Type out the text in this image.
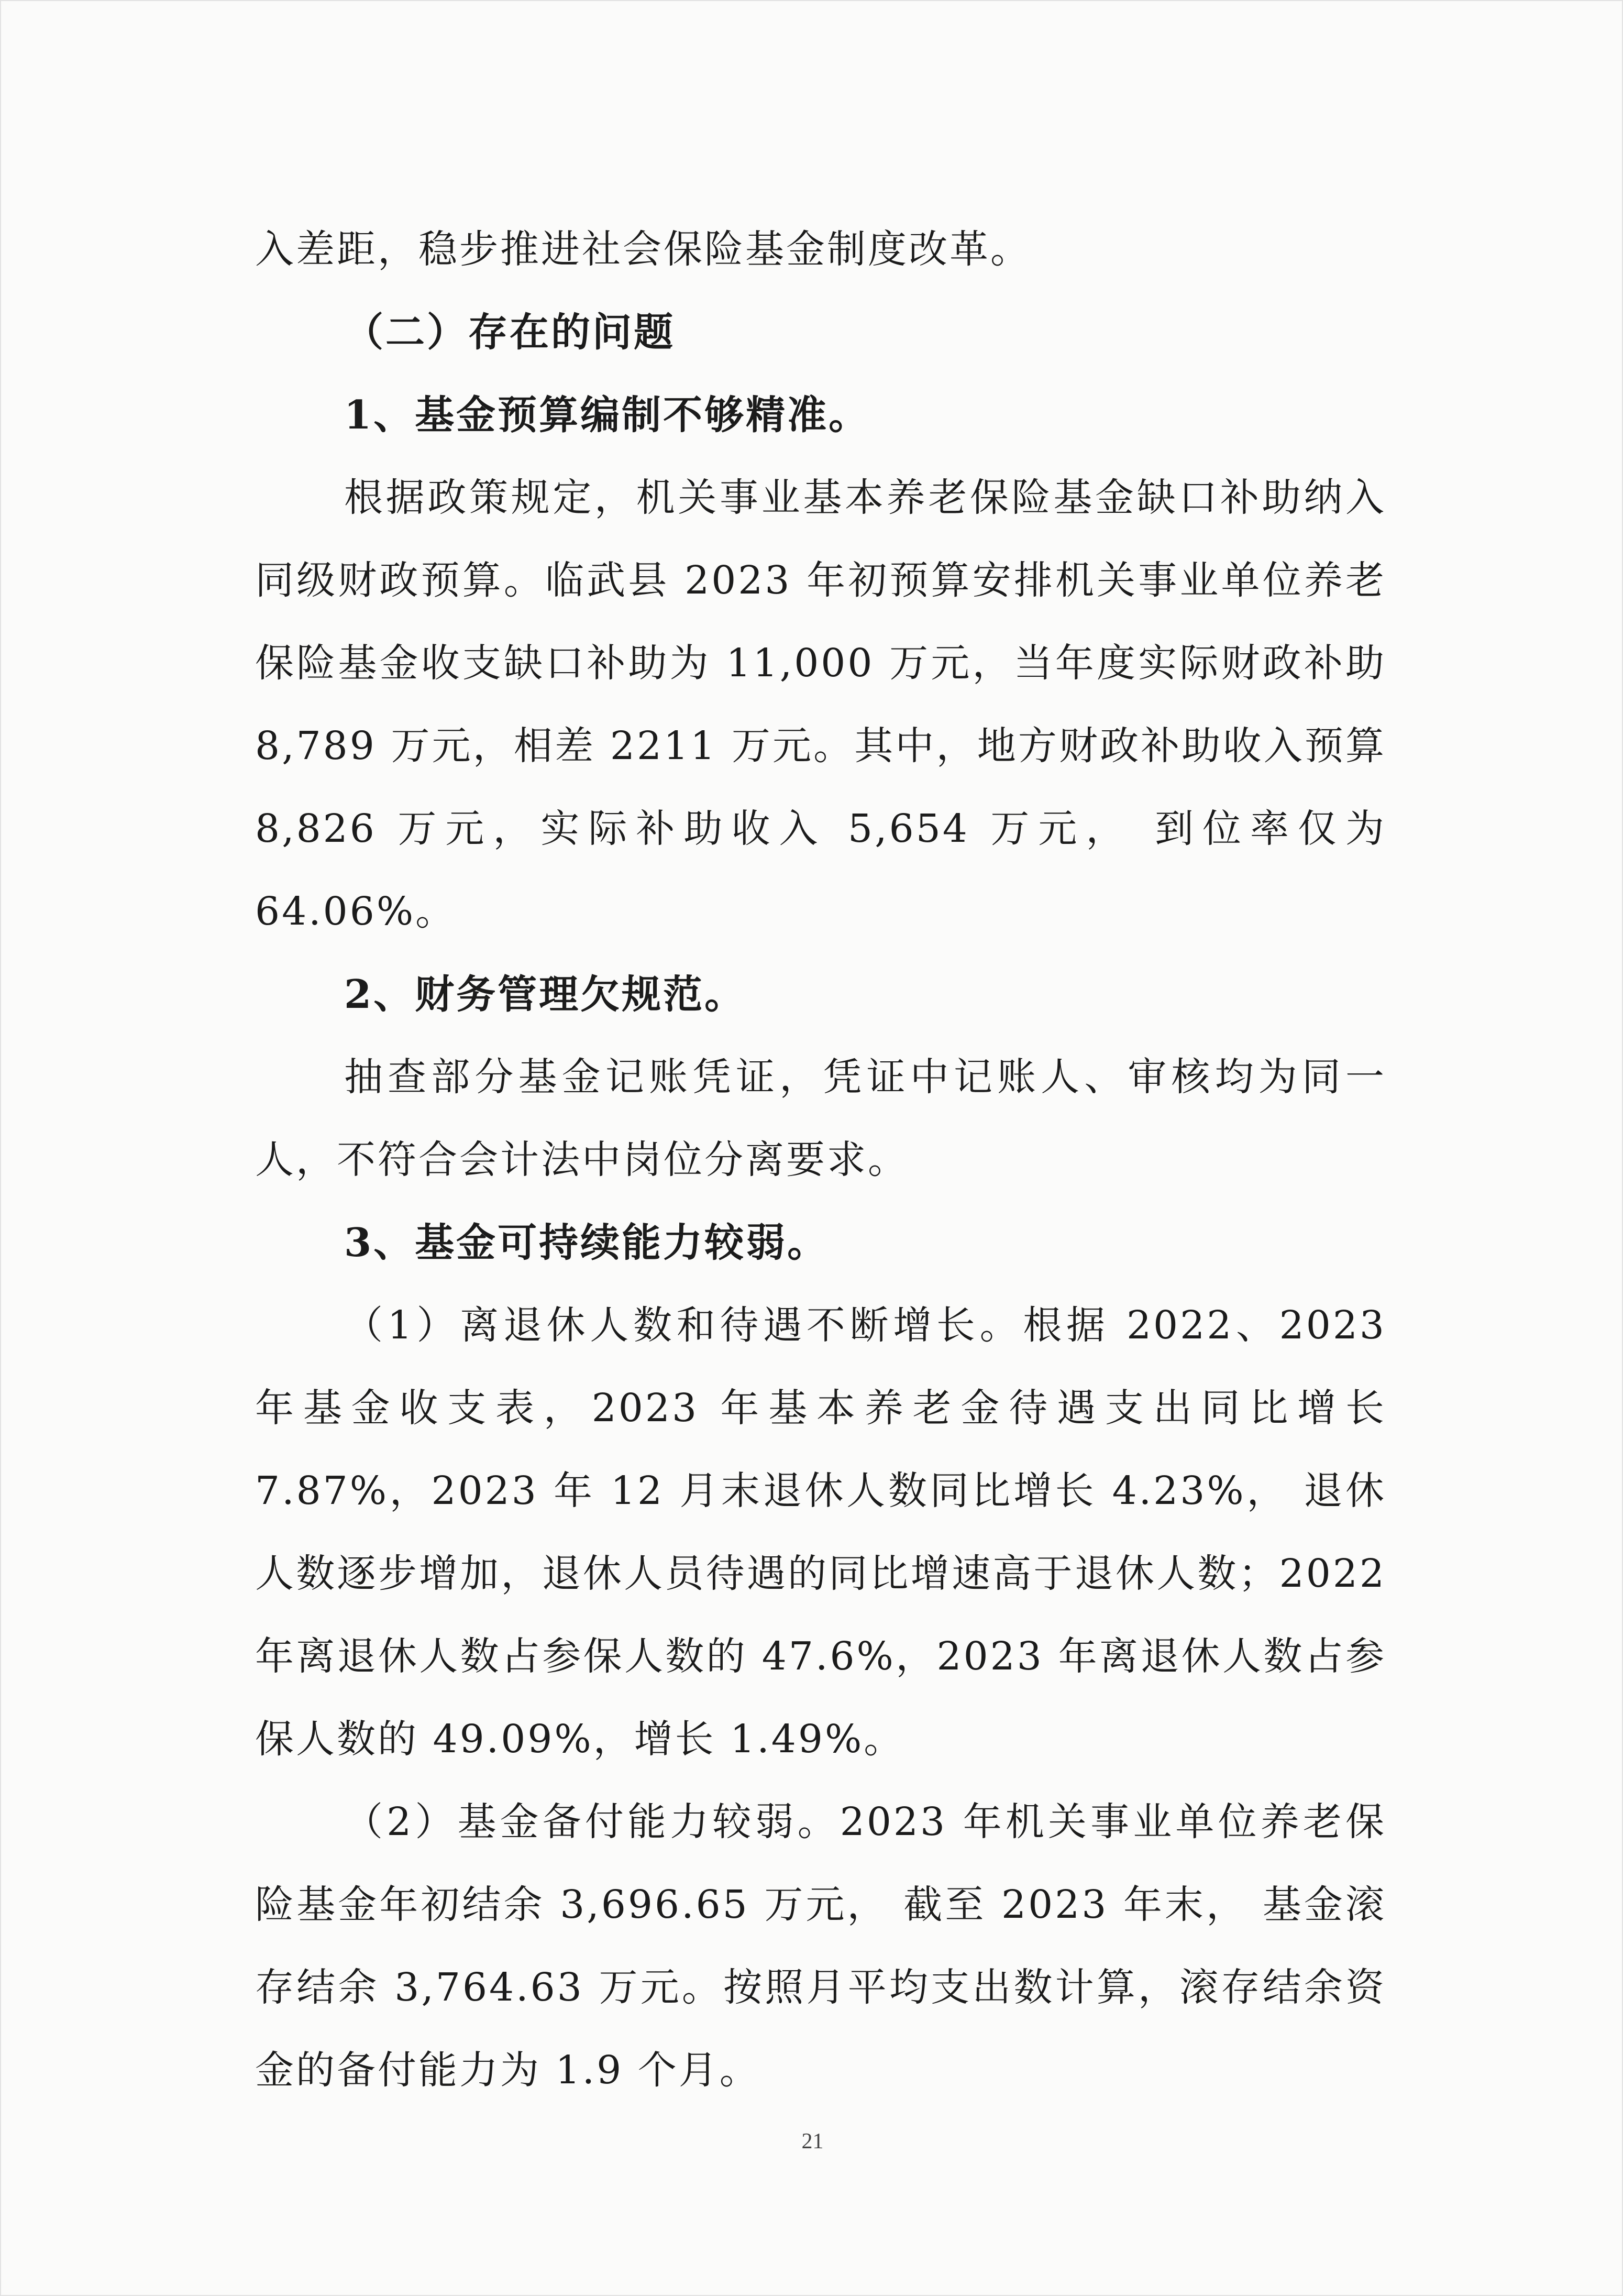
入差距，稳步推进社会保险基金制度改革。

（二）存在的问题

1、基金预算编制不够精准。

根据政策规定，机关事业基本养老保险基金缺口补助纳入同级财政预算。临武县 2023 年初预算安排机关事业单位养老保险基金收支缺口补助为 11,000 万元，当年度实际财政补助 8,789 万元，相差 2211 万元。其中，地方财政补助收入预算 8,826 万元，实际补助收入 5,654 万元， 到位率仅为 64.06%。

2、财务管理欠规范。

抽查部分基金记账凭证，凭证中记账人、审核均为同一人，不符合会计法中岗位分离要求。

3、基金可持续能力较弱。

（1）离退休人数和待遇不断增长。根据 2022、2023 年基金收支表，2023 年基本养老金待遇支出同比增长 7.87%，2023 年 12 月末退休人数同比增长 4.23%， 退休人数逐步增加，退休人员待遇的同比增速高于退休人数；2022 年离退休人数占参保人数的 47.6%，2023 年离退休人数占参保人数的 49.09%，增长 1.49%。

（2）基金备付能力较弱。2023 年机关事业单位养老保险基金年初结余 3,696.65 万元， 截至 2023 年末， 基金滚存结余 3,764.63 万元。按照月平均支出数计算，滚存结余资金的备付能力为 1.9 个月。

21
